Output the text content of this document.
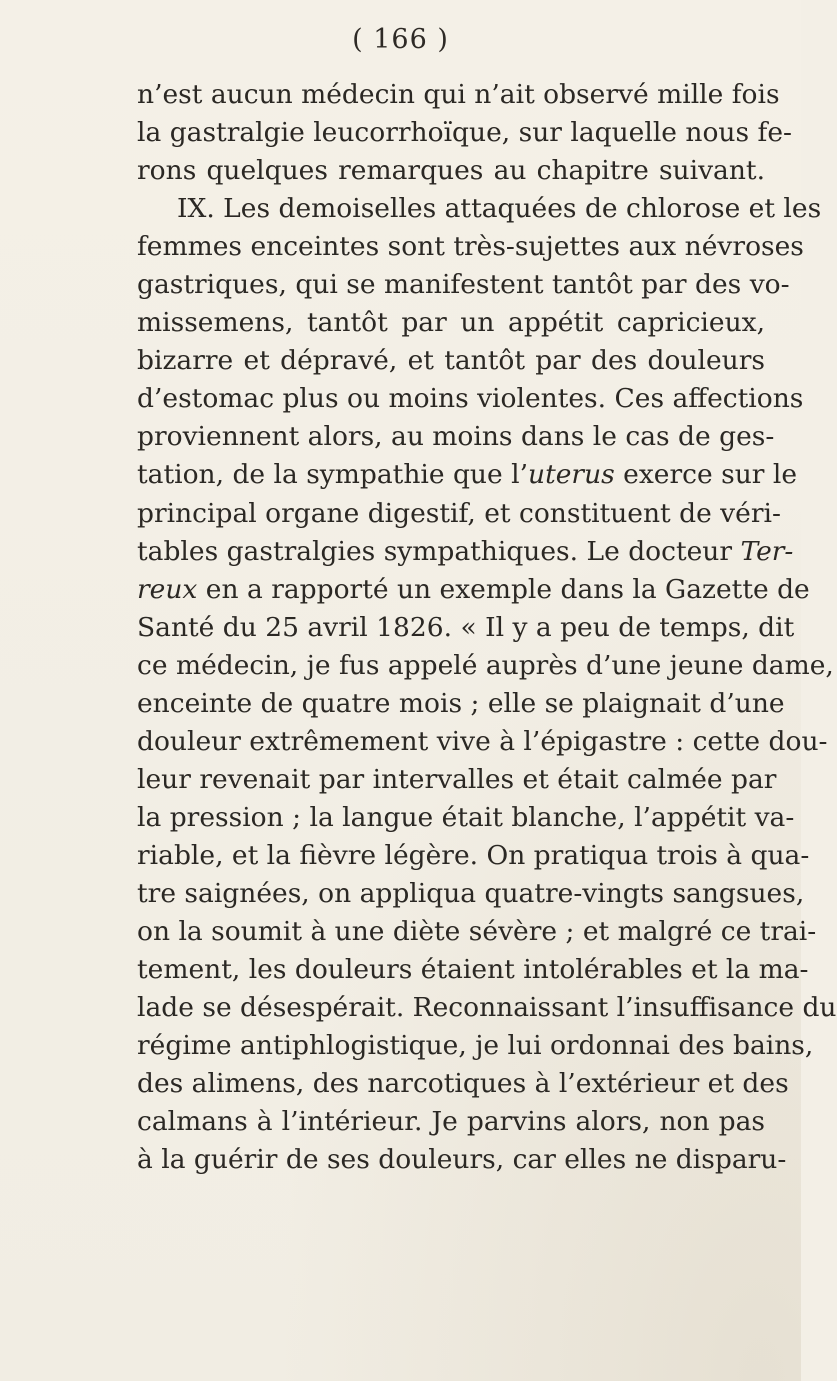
( 166 )
n’est aucun médecin qui n’ait observé mille fois
la gastralgie leucorrhoïque, sur laquelle nous fe-
rons quelques remarques au chapitre suivant.
IX. Les demoiselles attaquées de chlorose et les
femmes enceintes sont très-sujettes aux névroses
gastriques, qui se manifestent tantôt par des vo-
missemens, tantôt par un appétit capricieux,
bizarre et dépravé, et tantôt par des douleurs
d’estomac plus ou moins violentes. Ces affections
proviennent alors, au moins dans le cas de ges-
tation, de la sympathie que l’uterus exerce sur le
principal organe digestif, et constituent de véri-
tables gastralgies sympathiques. Le docteur Ter-
reux en a rapporté un exemple dans la Gazette de
Santé du 25 avril 1826. « Il y a peu de temps, dit
ce médecin, je fus appelé auprès d’une jeune dame,
enceinte de quatre mois ; elle se plaignait d’une
douleur extrêmement vive à l’épigastre : cette dou-
leur revenait par intervalles et était calmée par
la pression ; la langue était blanche, l’appétit va-
riable, et la fièvre légère. On pratiqua trois à qua-
tre saignées, on appliqua quatre-vingts sangsues,
on la soumit à une diète sévère ; et malgré ce trai-
tement, les douleurs étaient intolérables et la ma-
lade se désespérait. Reconnaissant l’insuffisance du
régime antiphlogistique, je lui ordonnai des bains,
des alimens, des narcotiques à l’extérieur et des
calmans à l’intérieur. Je parvins alors, non pas
à la guérir de ses douleurs, car elles ne disparu-
